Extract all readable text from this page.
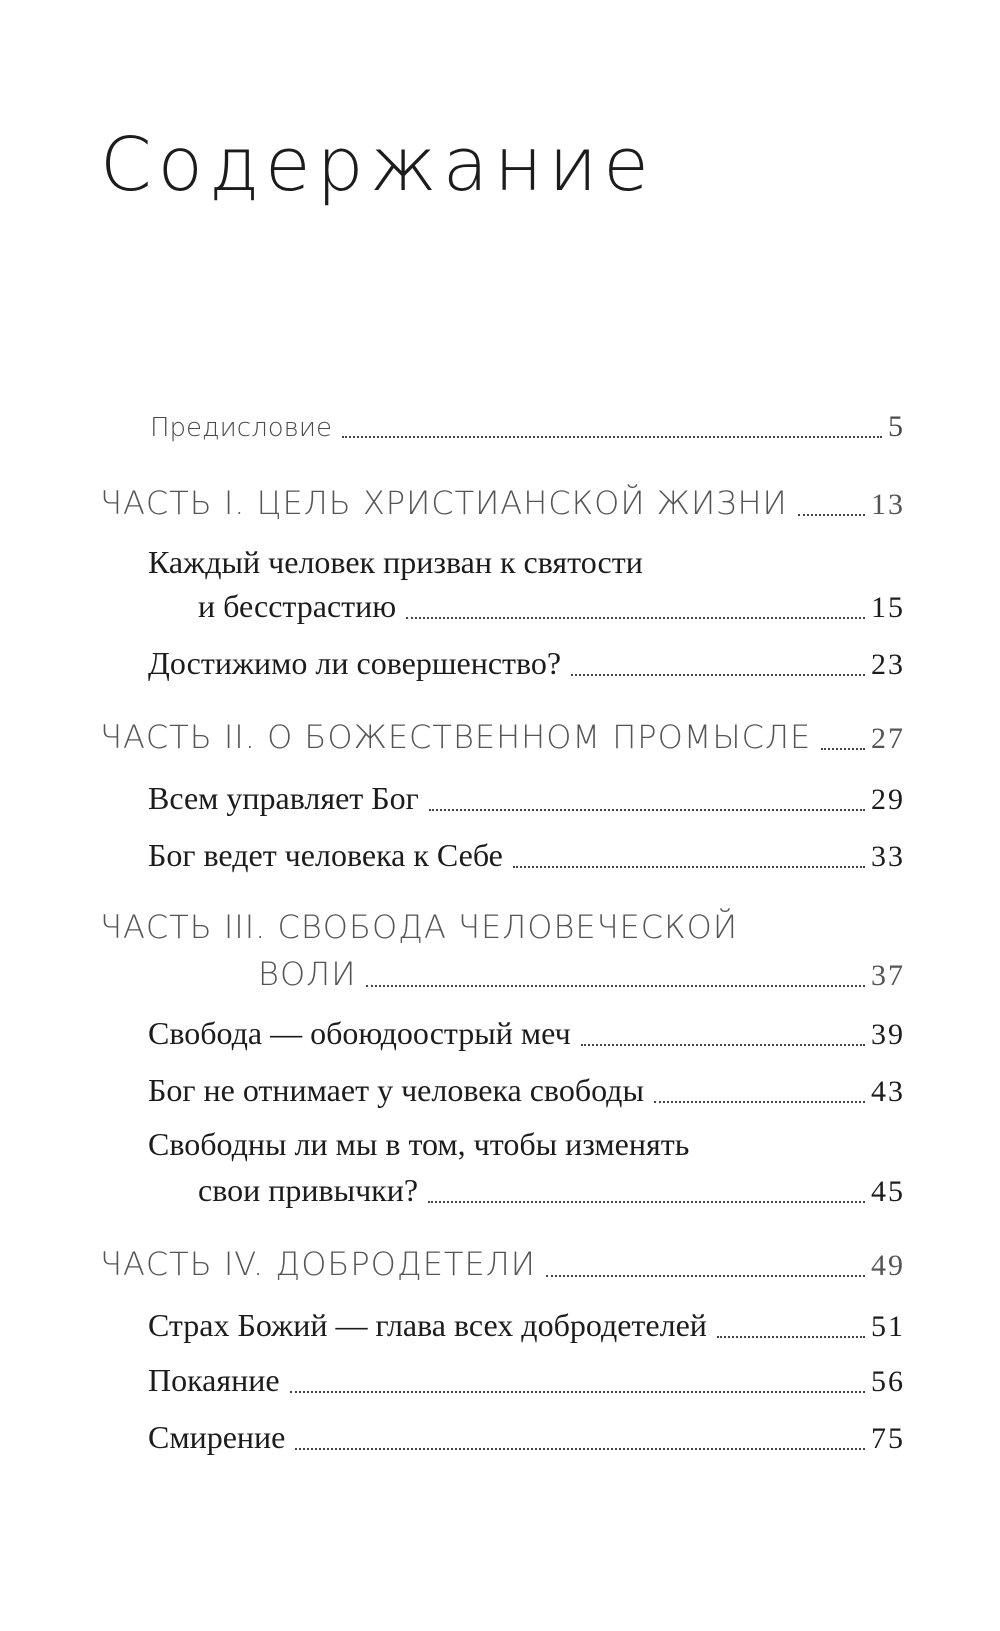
Содержание
Предисловие	5
ЧАСТЬ I. ЦЕЛЬ ХРИСТИАНСКОЙ ЖИЗНИ	13
Каждый человек призван к святости
и бесстрастию	15
Достижимо ли совершенство?	23
ЧАСТЬ II. О БОЖЕСТВЕННОМ ПРОМЫСЛЕ 27
Всем управляет Бог	29
Бог ведет человека к Себе	33
ЧАСТЬ III. СВОБОДА ЧЕЛОВЕЧЕСКОЙ
ВОЛИ	37
Свобода — обоюдоострый меч	39
Бог не отнимает у человека свободы	43
Свободны ли мы в том, чтобы изменять
свои привычки?	45
ЧАСТЬ IV. ДОБРОДЕТЕЛИ	49
Страх Божий — глава всех добродетелей	51
Покаяние	56
Смирение	75
